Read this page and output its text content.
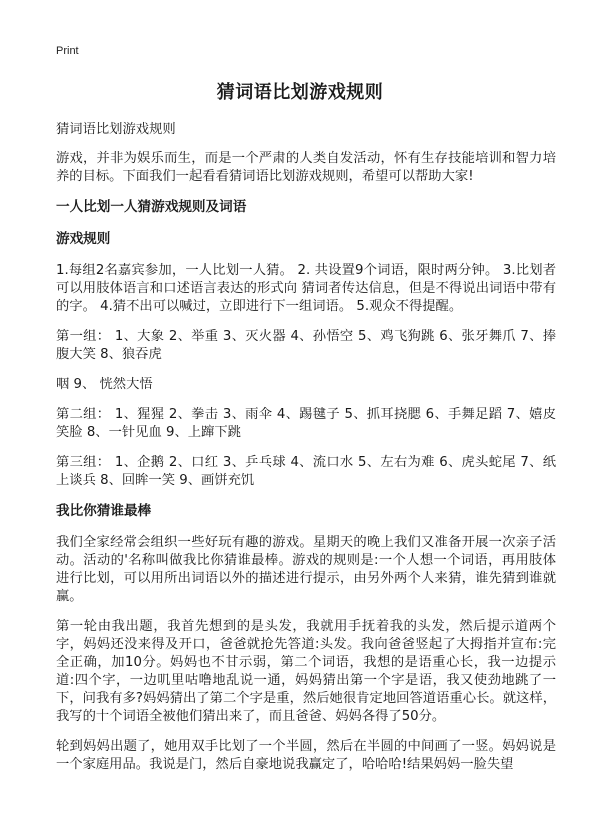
Print
猜词语比划游戏规则

猜词语比划游戏规则

游戏，并非为娱乐而生，而是一个严肃的人类自发活动，怀有生存技能培训和智力培养的目标。下面我们一起看看猜词语比划游戏规则，希望可以帮助大家!

一人比划一人猜游戏规则及词语
游戏规则

1.每组2名嘉宾参加，一人比划一人猜。 2. 共设置9个词语，限时两分钟。 3.比划者可以用肢体语言和口述语言表达的形式向 猜词者传达信息，但是不得说出词语中带有的字。 4.猜不出可以喊过，立即进行下一组词语。 5.观众不得提醒。

第一组： 1、大象 2、举重 3、灭火器 4、孙悟空 5、鸡飞狗跳 6、张牙舞爪 7、捧腹大笑 8、狼吞虎

咽 9、 恍然大悟

第二组： 1、猩猩 2、拳击 3、雨伞 4、踢毽子 5、抓耳挠腮 6、手舞足蹈 7、嬉皮笑脸 8、一针见血 9、上蹿下跳

第三组： 1、企鹅 2、口红 3、乒乓球 4、流口水 5、左右为难 6、虎头蛇尾 7、纸上谈兵 8、回眸一笑 9、画饼充饥

我比你猜谁最棒

我们全家经常会组织一些好玩有趣的游戏。星期天的晚上我们又准备开展一次亲子活动。活动的'名称叫做我比你猜谁最棒。游戏的规则是:一个人想一个词语，再用肢体进行比划，可以用所出词语以外的描述进行提示，由另外两个人来猜，谁先猜到谁就赢。

第一轮由我出题，我首先想到的是头发，我就用手抚着我的头发，然后提示道两个字，妈妈还没来得及开口，爸爸就抢先答道:头发。我向爸爸竖起了大拇指并宣布:完全正确，加10分。妈妈也不甘示弱，第二个词语，我想的是语重心长，我一边提示道:四个字，一边叽里咕噜地乱说一通，妈妈猜出第一个字是语，我又使劲地跳了一下，问我有多?妈妈猜出了第二个字是重，然后她很肯定地回答道语重心长。就这样，我写的十个词语全被他们猜出来了，而且爸爸、妈妈各得了50分。

轮到妈妈出题了，她用双手比划了一个半圆，然后在半圆的中间画了一竖。妈妈说是一个家庭用品。我说是门，然后自豪地说我赢定了，哈哈哈!结果妈妈一脸失望
